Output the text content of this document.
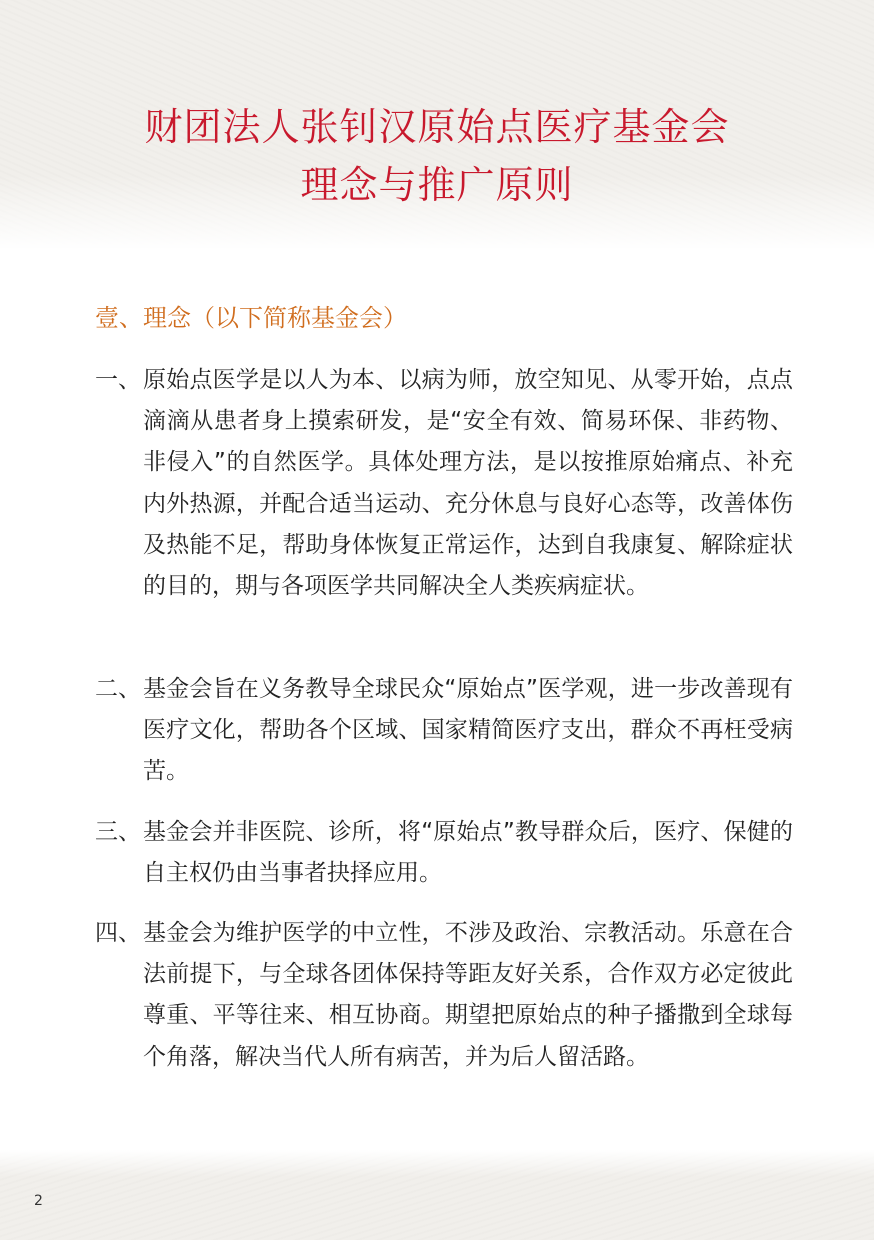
财团法人张钊汉原始点医疗基金会
理念与推广原则
壹、理念（以下简称基金会）
一、 原始点医学是以人为本、以病为师，放空知见、从零开始，点点滴滴从患者身上摸索研发，是“安全有效、简易环保、非药物、非侵入”的自然医学。具体处理方法，是以按推原始痛点、补充内外热源，并配合适当运动、充分休息与良好心态等，改善体伤及热能不足，帮助身体恢复正常运作，达到自我康复、解除症状的目的，期与各项医学共同解决全人类疾病症状。
二、 基金会旨在义务教导全球民众“原始点”医学观，进一步改善现有医疗文化，帮助各个区域、国家精简医疗支出，群众不再枉受病苦。
三、 基金会并非医院、诊所，将“原始点”教导群众后，医疗、保健的自主权仍由当事者抉择应用。
四、 基金会为维护医学的中立性，不涉及政治、宗教活动。乐意在合法前提下，与全球各团体保持等距友好关系，合作双方必定彼此尊重、平等往来、相互协商。期望把原始点的种子播撒到全球每个角落，解决当代人所有病苦，并为后人留活路。
2
